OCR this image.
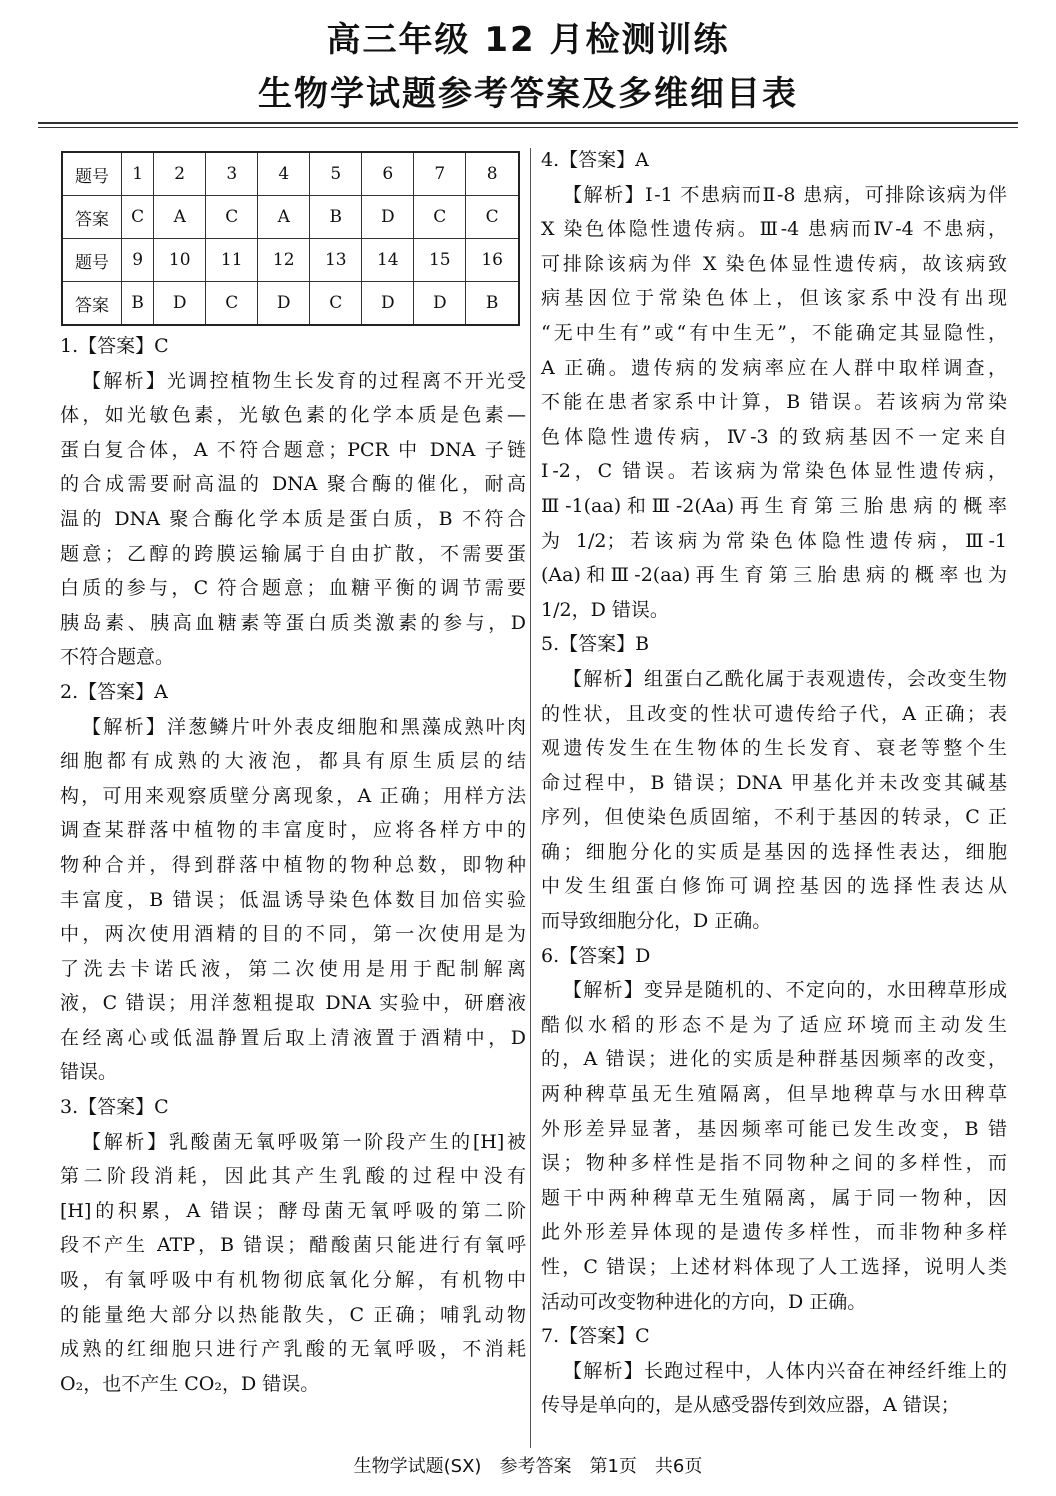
高三年级 12 月检测训练
生物学试题参考答案及多维细目表
题号	1	2	3	4	5	6	7	8
答案	C	A	C	A	B	D	C	C
题号	9	10	11	12	13	14	15	16
答案	B	D	C	D	C	D	D	B
1.【答案】C
【解析】光调控植物生长发育的过程离不开光受
体，如光敏色素，光敏色素的化学本质是色素—
蛋白复合体，A 不符合题意；PCR 中 DNA 子链
的合成需要耐高温的 DNA 聚合酶的催化，耐高
温的 DNA 聚合酶化学本质是蛋白质，B 不符合
题意；乙醇的跨膜运输属于自由扩散，不需要蛋
白质的参与，C 符合题意；血糖平衡的调节需要
胰岛素、胰高血糖素等蛋白质类激素的参与，D
不符合题意。
2.【答案】A
【解析】洋葱鳞片叶外表皮细胞和黑藻成熟叶肉
细胞都有成熟的大液泡，都具有原生质层的结
构，可用来观察质壁分离现象，A 正确；用样方法
调查某群落中植物的丰富度时，应将各样方中的
物种合并，得到群落中植物的物种总数，即物种
丰富度，B 错误；低温诱导染色体数目加倍实验
中，两次使用酒精的目的不同，第一次使用是为
了洗去卡诺氏液，第二次使用是用于配制解离
液，C 错误；用洋葱粗提取 DNA 实验中，研磨液
在经离心或低温静置后取上清液置于酒精中，D
错误。
3.【答案】C
【解析】乳酸菌无氧呼吸第一阶段产生的[H]被
第二阶段消耗，因此其产生乳酸的过程中没有
[H]的积累，A 错误；酵母菌无氧呼吸的第二阶
段不产生 ATP，B 错误；醋酸菌只能进行有氧呼
吸，有氧呼吸中有机物彻底氧化分解，有机物中
的能量绝大部分以热能散失，C 正确；哺乳动物
成熟的红细胞只进行产乳酸的无氧呼吸，不消耗
O₂，也不产生 CO₂，D 错误。
4.【答案】A
【解析】Ⅰ-1 不患病而Ⅱ-8 患病，可排除该病为伴
X 染色体隐性遗传病。Ⅲ-4 患病而Ⅳ-4 不患病，
可排除该病为伴 X 染色体显性遗传病，故该病致
病基因位于常染色体上，但该家系中没有出现
“无中生有”或“有中生无”，不能确定其显隐性，
A 正确。遗传病的发病率应在人群中取样调查，
不能在患者家系中计算，B 错误。若该病为常染
色体隐性遗传病，Ⅳ-3 的致病基因不一定来自
Ⅰ-2，C 错误。若该病为常染色体显性遗传病，
Ⅲ-1(aa)和Ⅲ-2(Aa)再生育第三胎患病的概率
为 1/2；若该病为常染色体隐性遗传病，Ⅲ-1
(Aa)和Ⅲ-2(aa)再生育第三胎患病的概率也为
1/2，D 错误。
5.【答案】B
【解析】组蛋白乙酰化属于表观遗传，会改变生物
的性状，且改变的性状可遗传给子代，A 正确；表
观遗传发生在生物体的生长发育、衰老等整个生
命过程中，B 错误；DNA 甲基化并未改变其碱基
序列，但使染色质固缩，不利于基因的转录，C 正
确；细胞分化的实质是基因的选择性表达，细胞
中发生组蛋白修饰可调控基因的选择性表达从
而导致细胞分化，D 正确。
6.【答案】D
【解析】变异是随机的、不定向的，水田稗草形成
酷似水稻的形态不是为了适应环境而主动发生
的，A 错误；进化的实质是种群基因频率的改变，
两种稗草虽无生殖隔离，但旱地稗草与水田稗草
外形差异显著，基因频率可能已发生改变，B 错
误；物种多样性是指不同物种之间的多样性，而
题干中两种稗草无生殖隔离，属于同一物种，因
此外形差异体现的是遗传多样性，而非物种多样
性，C 错误；上述材料体现了人工选择，说明人类
活动可改变物种进化的方向，D 正确。
7.【答案】C
【解析】长跑过程中，人体内兴奋在神经纤维上的
传导是单向的，是从感受器传到效应器，A 错误；
生物学试题(SX)　参考答案　第1页　共6页
